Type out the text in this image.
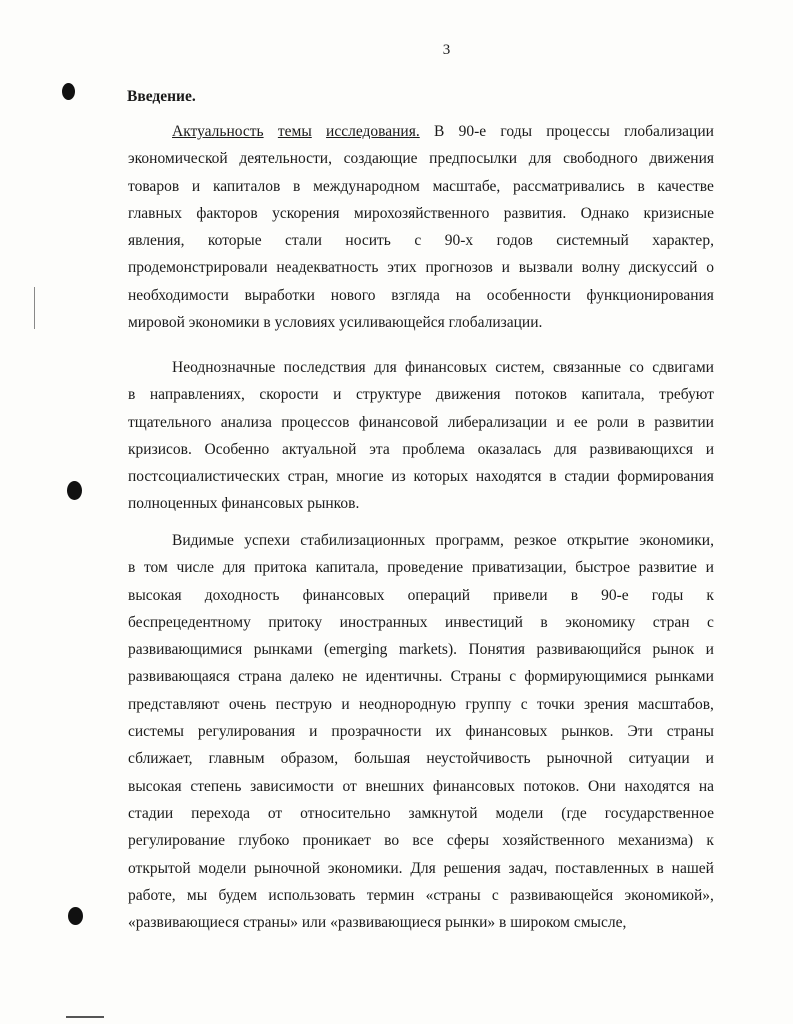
3
Введение.
Актуальность темы исследования. В 90-е годы процессы глобализации
экономической деятельности, создающие предпосылки для свободного движения
товаров и капиталов в международном масштабе, рассматривались в качестве
главных факторов ускорения мирохозяйственного развития. Однако кризисные
явления, которые стали носить с 90-х годов системный характер,
продемонстрировали неадекватность этих прогнозов и вызвали волну дискуссий о
необходимости выработки нового взгляда на особенности функционирования
мировой экономики в условиях усиливающейся глобализации.
Неоднозначные последствия для финансовых систем, связанные со сдвигами
в направлениях, скорости и структуре движения потоков капитала, требуют
тщательного анализа процессов финансовой либерализации и ее роли в развитии
кризисов. Особенно актуальной эта проблема оказалась для развивающихся и
постсоциалистических стран, многие из которых находятся в стадии формирования
полноценных финансовых рынков.
Видимые успехи стабилизационных программ, резкое открытие экономики,
в том числе для притока капитала, проведение приватизации, быстрое развитие и
высокая доходность финансовых операций привели в 90-е годы к
беспрецедентному притоку иностранных инвестиций в экономику стран с
развивающимися рынками (emerging markets). Понятия развивающийся рынок и
развивающаяся страна далеко не идентичны. Страны с формирующимися рынками
представляют очень пеструю и неоднородную группу с точки зрения масштабов,
системы регулирования и прозрачности их финансовых рынков. Эти страны
сближает, главным образом, большая неустойчивость рыночной ситуации и
высокая степень зависимости от внешних финансовых потоков. Они находятся на
стадии перехода от относительно замкнутой модели (где государственное
регулирование глубоко проникает во все сферы хозяйственного механизма) к
открытой модели рыночной экономики. Для решения задач, поставленных в нашей
работе, мы будем использовать термин «страны с развивающейся экономикой»,
«развивающиеся страны» или «развивающиеся рынки» в широком смысле,
